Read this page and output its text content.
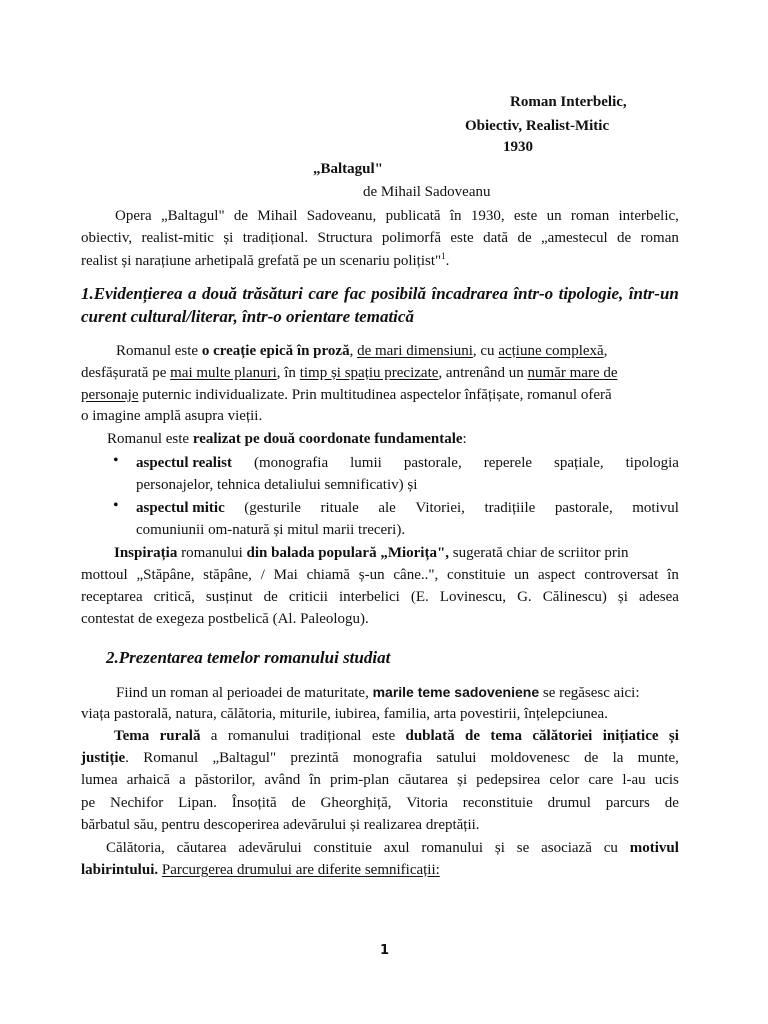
Roman Interbelic,
Obiectiv, Realist-Mitic
1930
„Baltagul"
de Mihail Sadoveanu
Opera „Baltagul" de Mihail Sadoveanu, publicată în 1930, este un roman interbelic,
obiectiv, realist-mitic și tradițional. Structura polimorfă este dată de „amestecul de roman
realist și narațiune arhetipală grefată pe un scenariu polițist"$^1$.
1.Evidențierea a două trăsături care fac posibilă încadrarea într-o tipologie, într-un
curent cultural/literar, într-o orientare tematică
Romanul este o creație epică în proză, de mari dimensiuni, cu acțiune complexă,
desfășurată pe mai multe planuri, în timp și spațiu precizate, antrenând un număr mare de
personaje puternic individualizate. Prin multitudinea aspectelor înfățișate, romanul oferă
o imagine amplă asupra vieții.
Romanul este realizat pe două coordonate fundamentale:
• aspectul realist (monografia lumii pastorale, reperele spațiale, tipologia
personajelor, tehnica detaliului semnificativ) și
• aspectul mitic (gesturile rituale ale Vitoriei, tradițiile pastorale, motivul
comuniunii om-natură și mitul marii treceri).
Inspirația romanului din balada populară „Miorița", sugerată chiar de scriitor prin
mottoul „Stăpâne, stăpâne, / Mai chiamă ș-un câne..", constituie un aspect controversat în
receptarea critică, susținut de criticii interbelici (E. Lovinescu, G. Călinescu) și adesea
contestat de exegeza postbelică (Al. Paleologu).
2.Prezentarea temelor romanului studiat
Fiind un roman al perioadei de maturitate, marile teme sadoveniene se regăsesc aici:
viața pastorală, natura, călătoria, miturile, iubirea, familia, arta povestirii, înțelepciunea.
Tema rurală a romanului tradițional este dublată de tema călătoriei inițiatice și
justiție. Romanul „Baltagul" prezintă monografia satului moldovenesc de la munte,
lumea arhaică a păstorilor, având în prim-plan căutarea și pedepsirea celor care l-au ucis
pe Nechifor Lipan. Însoțită de Gheorghiță, Vitoria reconstituie drumul parcurs de
bărbatul său, pentru descoperirea adevărului și realizarea dreptății.
Călătoria, căutarea adevărului constituie axul romanului și se asociază cu motivul
labirintului. Parcurgerea drumului are diferite semnificații:
1
